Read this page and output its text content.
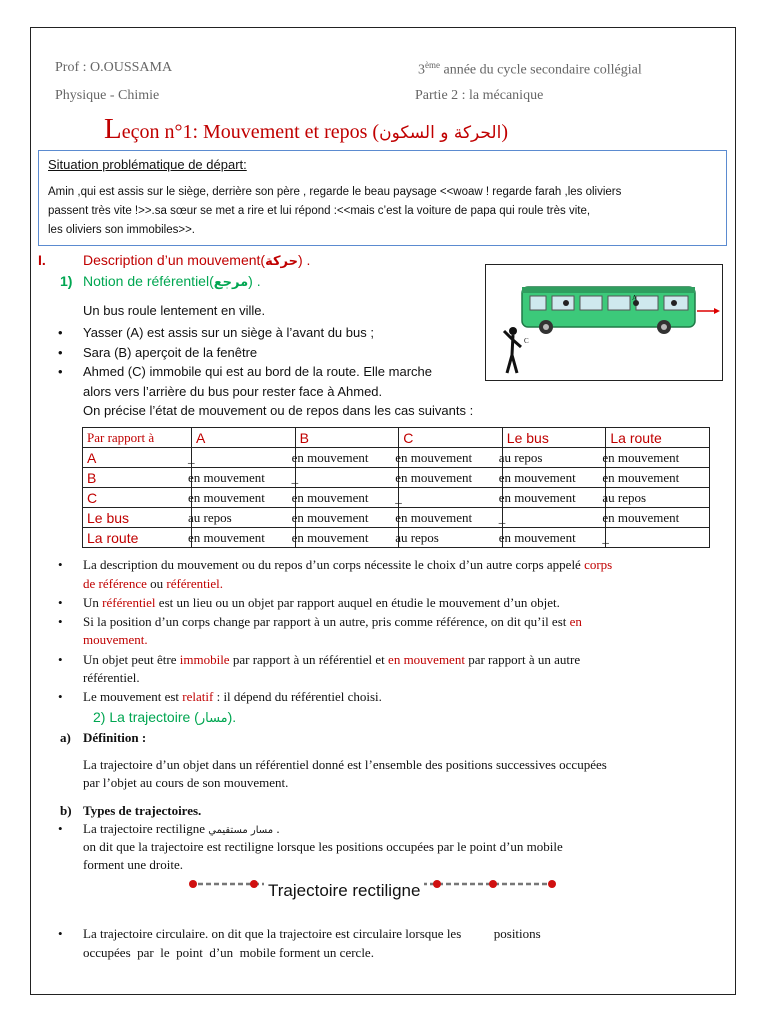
Prof : O.OUSSAMA
Physique - Chimie
3ème année du cycle secondaire collégial
Partie 2 : la mécanique
Leçon n°1: Mouvement et repos (الحركة و السكون)
Situation problématique de départ:
Amin ,qui est assis sur le siège, derrière son père , regarde le beau paysage <<woaw ! regarde farah ,les oliviers
passent très vite !>>.sa sœur se met a rire et lui répond :<<mais c’est la voiture de papa qui roule très vite,
les oliviers son immobiles>>.
I.	Description d’un mouvement(حركة) .
1) Notion de référentiel(مرجع) .
C
A
Un bus roule lentement en ville.
• Yasser (A) est assis sur un siège à l’avant du bus ;
• Sara (B) aperçoit de la fenêtre
• Ahmed (C) immobile qui est au bord de la route. Elle marche
alors vers l’arrière du bus pour rester face à Ahmed.
On précise l’état de mouvement ou de repos dans les cas suivants :
Par rapport à	A	B	C	Le bus	La route
A	_	en mouvement	en mouvement	au repos	en mouvement
B	en mouvement	_	en mouvement	en mouvement	en mouvement
C	en mouvement	en mouvement	_	en mouvement	au repos
Le bus	au repos	en mouvement	en mouvement	_	en mouvement
La route	en mouvement	en mouvement	au repos	en mouvement	_
• La description du mouvement ou du repos d’un corps nécessite le choix d’un autre corps appelé corps
de référence ou référentiel.
• Un référentiel est un lieu ou un objet par rapport auquel en étudie le mouvement d’un objet.
• Si la position d’un corps change par rapport à un autre, pris comme référence, on dit qu’il est en
mouvement.
• Un objet peut être immobile par rapport à un référentiel et en mouvement par rapport à un autre
référentiel.
• Le mouvement est relatif : il dépend du référentiel choisi.
2) La trajectoire (مسار).
a) Définition :
La trajectoire d’un objet dans un référentiel donné est l’ensemble des positions successives occupées
par l’objet au cours de son mouvement.
b) Types de trajectoires.
• La trajectoire rectiligne مسار مستقيمي .
on dit que la trajectoire est rectiligne lorsque les positions occupées par le point d’un mobile
forment une droite.
Trajectoire rectiligne
• La trajectoire circulaire. on dit que la trajectoire est circulaire lorsque les          positions
occupées  par  le  point  d’un  mobile forment un cercle.
